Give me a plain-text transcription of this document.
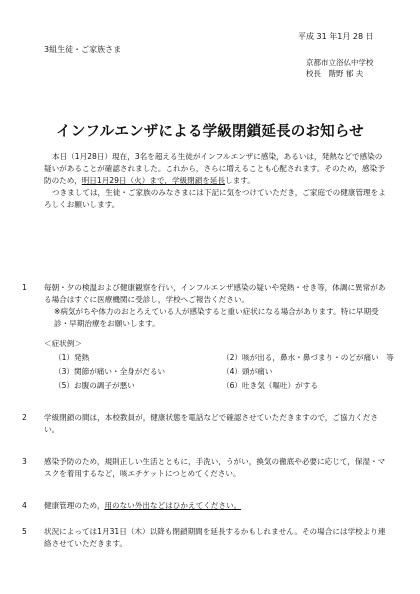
平成 31 年1月 28 日
3組生徒・ご家族さま
京都市立浴仏中学校
校長　階野 郁 夫
インフルエンザによる学級閉鎖延長のお知らせ

本日（1月28日）現在，3名を超える生徒がインフルエンザに感染，あるいは，発熱などで感染の疑いがあることが確認されました。これから，さらに増えることも心配されます。そのため，感染予防のため，明日1月29日（火）まで，学級閉鎖を延長します。

つきましては，生徒・ご家族のみなさまには下記に気をつけていただき，ご家庭での健康管理をよろしくお願いします。

1 毎朝・夕の検温および健康観察を行い，インフルエンザ感染の疑いや発熱・せき等，体調に異常がある場合はすぐに医療機関に受診し，学校へご報告ください。

※病気がちや体力のおとろえている人が感染すると重い症状になる場合があります。特に早期受診・早期治療をお願いします。

＜症状例＞
（1）発熱	（2）咳が出る，鼻水・鼻づまり・のどが痛い　等
（3）関節が痛い・全身がだるい	（4）頭が痛い
（5）お腹の調子が悪い	（6）吐き気（嘔吐）がする
2 学級閉鎖の間は，本校教員が，健康状態を電話などで確認させていただきますので，ご協力ください。

3 感染予防のため，規則正しい生活とともに，手洗い，うがい，換気の徹底や必要に応じて，保湿・マスクを着用するなど，咳エチケットにつとめてください。

4 健康管理のため，用のない外出などはひかえてください。

5 状況によっては1月31日（木）以降も閉鎖期間を延長するかもしれません。その場合には学校より連絡させていただきます。
